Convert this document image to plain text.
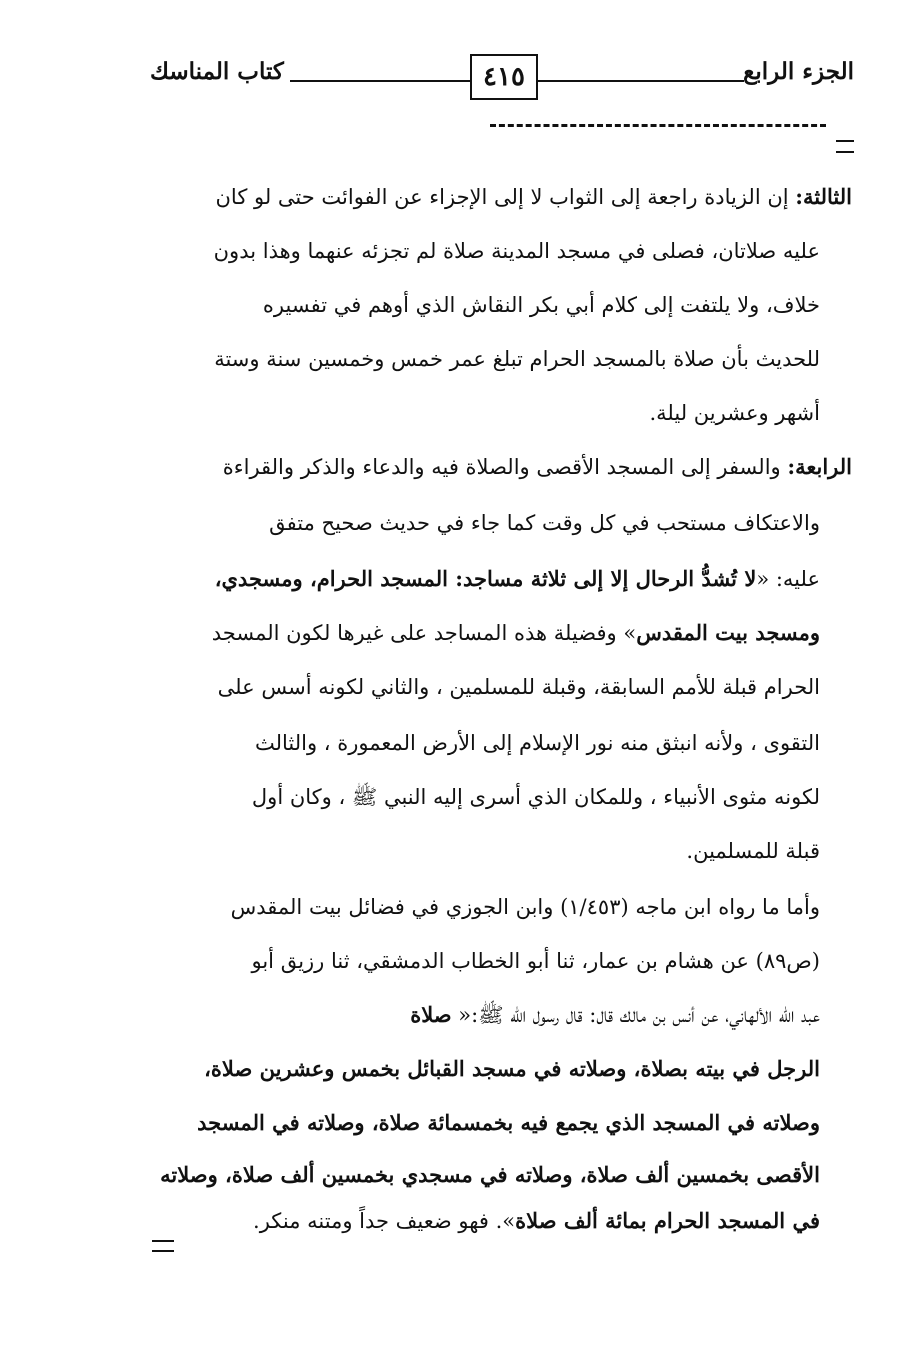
الجزء الرابع
٤١٥
كتاب المناسك
الثالثة: إن الزيادة راجعة إلى الثواب لا إلى الإجزاء عن الفوائت حتى لو كان
عليه صلاتان، فصلى في مسجد المدينة صلاة لم تجزئه عنهما وهذا بدون
خلاف، ولا يلتفت إلى كلام أبي بكر النقاش الذي أوهم في تفسيره
للحديث بأن صلاة بالمسجد الحرام تبلغ عمر خمس وخمسين سنة وستة
أشهر وعشرين ليلة.
الرابعة: والسفر إلى المسجد الأقصى والصلاة فيه والدعاء والذكر والقراءة
والاعتكاف مستحب في كل وقت كما جاء في حديث صحيح متفق
عليه: «لا تُشدُّ الرحال إلا إلى ثلاثة مساجد: المسجد الحرام، ومسجدي،
ومسجد بيت المقدس» وفضيلة هذه المساجد على غيرها لكون المسجد
الحرام قبلة للأمم السابقة، وقبلة للمسلمين ، والثاني لكونه أسس على
التقوى ، ولأنه انبثق منه نور الإسلام إلى الأرض المعمورة ، والثالث
لكونه مثوى الأنبياء ، وللمكان الذي أسرى إليه النبي ﷺ ، وكان أول
قبلة للمسلمين.
وأما ما رواه ابن ماجه (١/٤٥٣) وابن الجوزي في فضائل بيت المقدس
(ص٨٩) عن هشام بن عمار، ثنا أبو الخطاب الدمشقي، ثنا رزيق أبو
عبد الله الألهاني، عن أنس بن مالك قال: قال رسول الله ﷺ:« صلاة
الرجل في بيته بصلاة، وصلاته في مسجد القبائل بخمس وعشرين صلاة،
وصلاته في المسجد الذي يجمع فيه بخمسمائة صلاة، وصلاته في المسجد
الأقصى بخمسين ألف صلاة، وصلاته في مسجدي بخمسين ألف صلاة، وصلاته
في المسجد الحرام بمائة ألف صلاة». فهو ضعيف جداً ومتنه منكر.
